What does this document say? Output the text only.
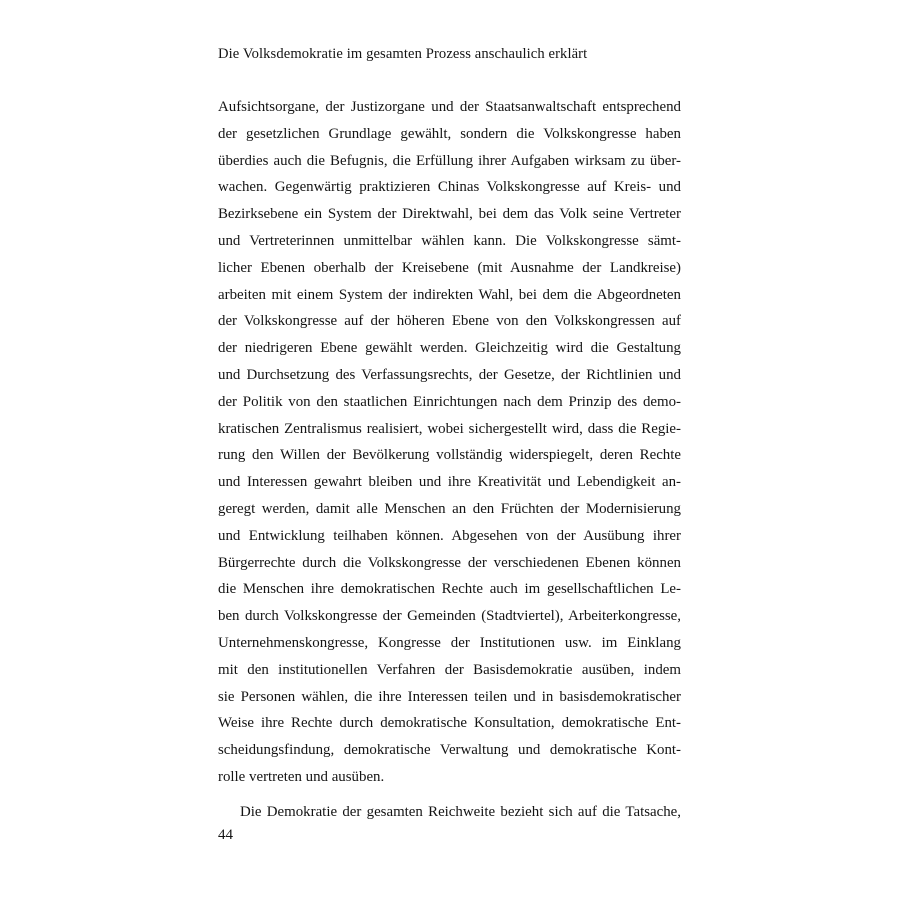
Die Volksdemokratie im gesamten Prozess anschaulich erklärt
Aufsichtsorgane, der Justizorgane und der Staatsanwaltschaft entsprechend
der gesetzlichen Grundlage gewählt, sondern die Volkskongresse haben
überdies auch die Befugnis, die Erfüllung ihrer Aufgaben wirksam zu über-
wachen. Gegenwärtig praktizieren Chinas Volkskongresse auf Kreis- und
Bezirksebene ein System der Direktwahl, bei dem das Volk seine Vertreter
und Vertreterinnen unmittelbar wählen kann. Die Volkskongresse sämt-
licher Ebenen oberhalb der Kreisebene (mit Ausnahme der Landkreise)
arbeiten mit einem System der indirekten Wahl, bei dem die Abgeordneten
der Volkskongresse auf der höheren Ebene von den Volkskongressen auf
der niedrigeren Ebene gewählt werden. Gleichzeitig wird die Gestaltung
und Durchsetzung des Verfassungsrechts, der Gesetze, der Richtlinien und
der Politik von den staatlichen Einrichtungen nach dem Prinzip des demo-
kratischen Zentralismus realisiert, wobei sichergestellt wird, dass die Regie-
rung den Willen der Bevölkerung vollständig widerspiegelt, deren Rechte
und Interessen gewahrt bleiben und ihre Kreativität und Lebendigkeit an-
geregt werden, damit alle Menschen an den Früchten der Modernisierung
und Entwicklung teilhaben können. Abgesehen von der Ausübung ihrer
Bürgerrechte durch die Volkskongresse der verschiedenen Ebenen können
die Menschen ihre demokratischen Rechte auch im gesellschaftlichen Le-
ben durch Volkskongresse der Gemeinden (Stadtviertel), Arbeiterkongresse,
Unternehmenskongresse, Kongresse der Institutionen usw. im Einklang
mit den institutionellen Verfahren der Basisdemokratie ausüben, indem
sie Personen wählen, die ihre Interessen teilen und in basisdemokratischer
Weise ihre Rechte durch demokratische Konsultation, demokratische Ent-
scheidungsfindung, demokratische Verwaltung und demokratische Kont-
rolle vertreten und ausüben.
Die Demokratie der gesamten Reichweite bezieht sich auf die Tatsache,
44
